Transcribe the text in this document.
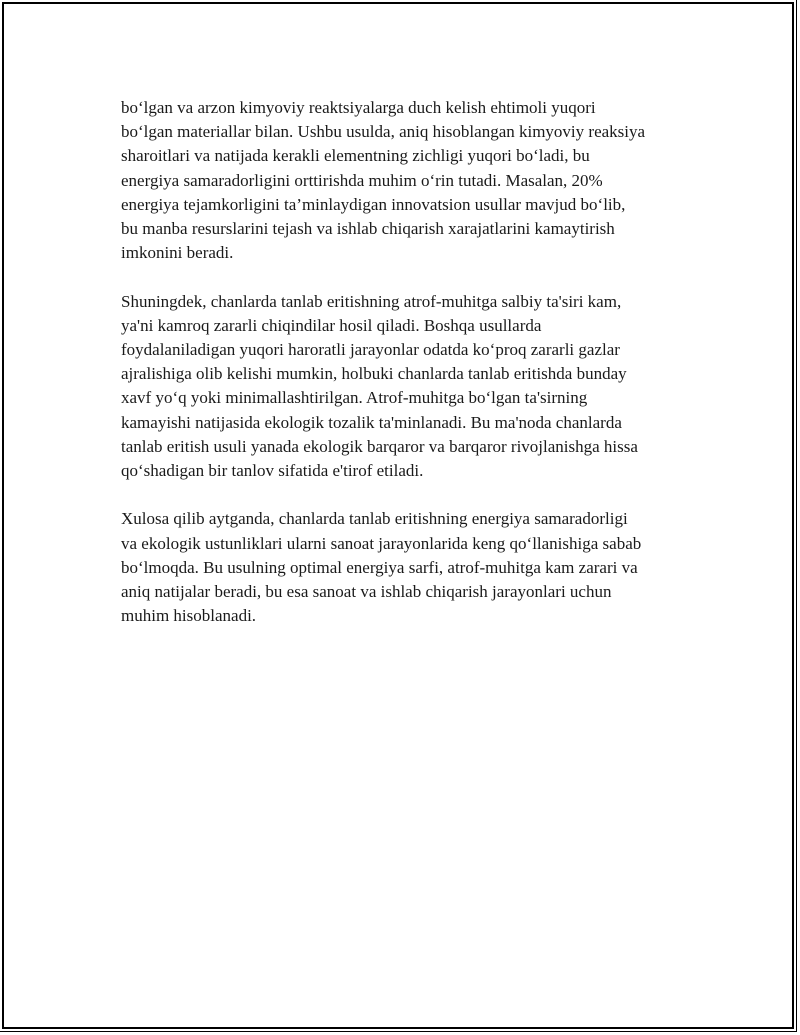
bo‘lgan va arzon kimyoviy reaktsiyalarga duch kelish ehtimoli yuqori
bo‘lgan materiallar bilan. Ushbu usulda, aniq hisoblangan kimyoviy reaksiya
sharoitlari va natijada kerakli elementning zichligi yuqori bo‘ladi, bu
energiya samaradorligini orttirishda muhim o‘rin tutadi. Masalan, 20%
energiya tejamkorligini ta’minlaydigan innovatsion usullar mavjud bo‘lib,
bu manba resurslarini tejash va ishlab chiqarish xarajatlarini kamaytirish
imkonini beradi.

Shuningdek, chanlarda tanlab eritishning atrof-muhitga salbiy ta'siri kam,
ya'ni kamroq zararli chiqindilar hosil qiladi. Boshqa usullarda
foydalaniladigan yuqori haroratli jarayonlar odatda ko‘proq zararli gazlar
ajralishiga olib kelishi mumkin, holbuki chanlarda tanlab eritishda bunday
xavf yo‘q yoki minimallashtirilgan. Atrof-muhitga bo‘lgan ta'sirning
kamayishi natijasida ekologik tozalik ta'minlanadi. Bu ma'noda chanlarda
tanlab eritish usuli yanada ekologik barqaror va barqaror rivojlanishga hissa
qo‘shadigan bir tanlov sifatida e'tirof etiladi.

Xulosa qilib aytganda, chanlarda tanlab eritishning energiya samaradorligi
va ekologik ustunliklari ularni sanoat jarayonlarida keng qo‘llanishiga sabab
bo‘lmoqda. Bu usulning optimal energiya sarfi, atrof-muhitga kam zarari va
aniq natijalar beradi, bu esa sanoat va ishlab chiqarish jarayonlari uchun
muhim hisoblanadi.
